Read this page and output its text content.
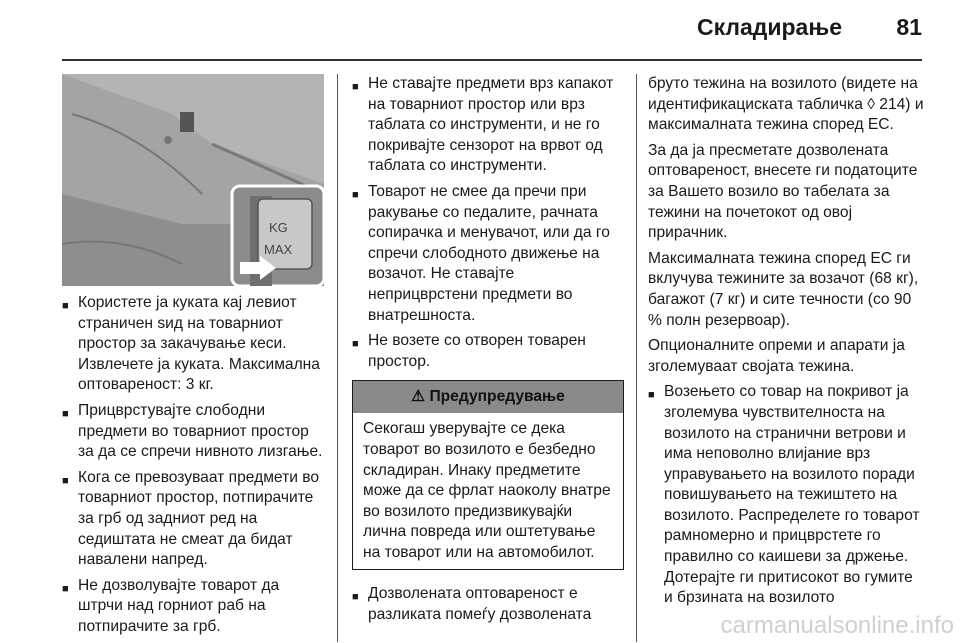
Складирање 81
KG
MAX
■ Користете ја куката кај левиот страничен ѕид на товарниот простор за закачување кеси. Извлечете ја куката. Максимална оптовареност: 3 кг.
■ Прицврстувајте слободни предмети во товарниот простор за да се спречи нивното лизгање.
■ Кога се превозуваат предмети во товарниот простор, потпирачите за грб од задниот ред на седиштата не смеат да бидат навалени напред.
■ Не дозволувајте товарот да штрчи над горниот раб на потпирачите за грб.
■ Не ставајте предмети врз капакот на товарниот простор или врз таблата со инструменти, и не го покривајте сензорот на врвот од таблата со инструменти.
■ Товарот не смее да пречи при ракување со педалите, рачната сопирачка и менувачот, или да го спречи слободното движење на возачот. Не ставајте неприцврстени предмети во внатрешноста.
■ Не возете со отворен товарен простор.
⚠ Предупредување
Секогаш уверувајте се дека товарот во возилото е безбедно складиран. Инаку предметите може да се фрлат наоколу внатре во возилото предизвикувајќи лична повреда или оштетување на товарот или на автомобилот.
■ Дозволената оптовареност е разликата помеѓу дозволената
бруто тежина на возилото (видете на идентификациската табличка ◊ 214) и максималната тежина според ЕС.
За да ја пресметате дозволената оптовареност, внесете ги податоците за Вашето возило во табелата за тежини на почетокот од овој прирачник.
Максималната тежина според ЕС ги вклучува тежините за возачот (68 кг), багажот (7 кг) и сите течности (со 90 % полн резервоар).
Опционалните опреми и апарати ја зголемуваат својата тежина.
■ Возењето со товар на покривот ја зголемува чувствителноста на возилото на странични ветрови и има неповолно влијание врз управувањето на возилото поради повишувањето на тежиштето на возилото. Распределете го товарот рамномерно и прицврстете го правилно со каишеви за држење. Дотерајте ги притисокот во гумите и брзината на возилото
carmanualsonline.info
